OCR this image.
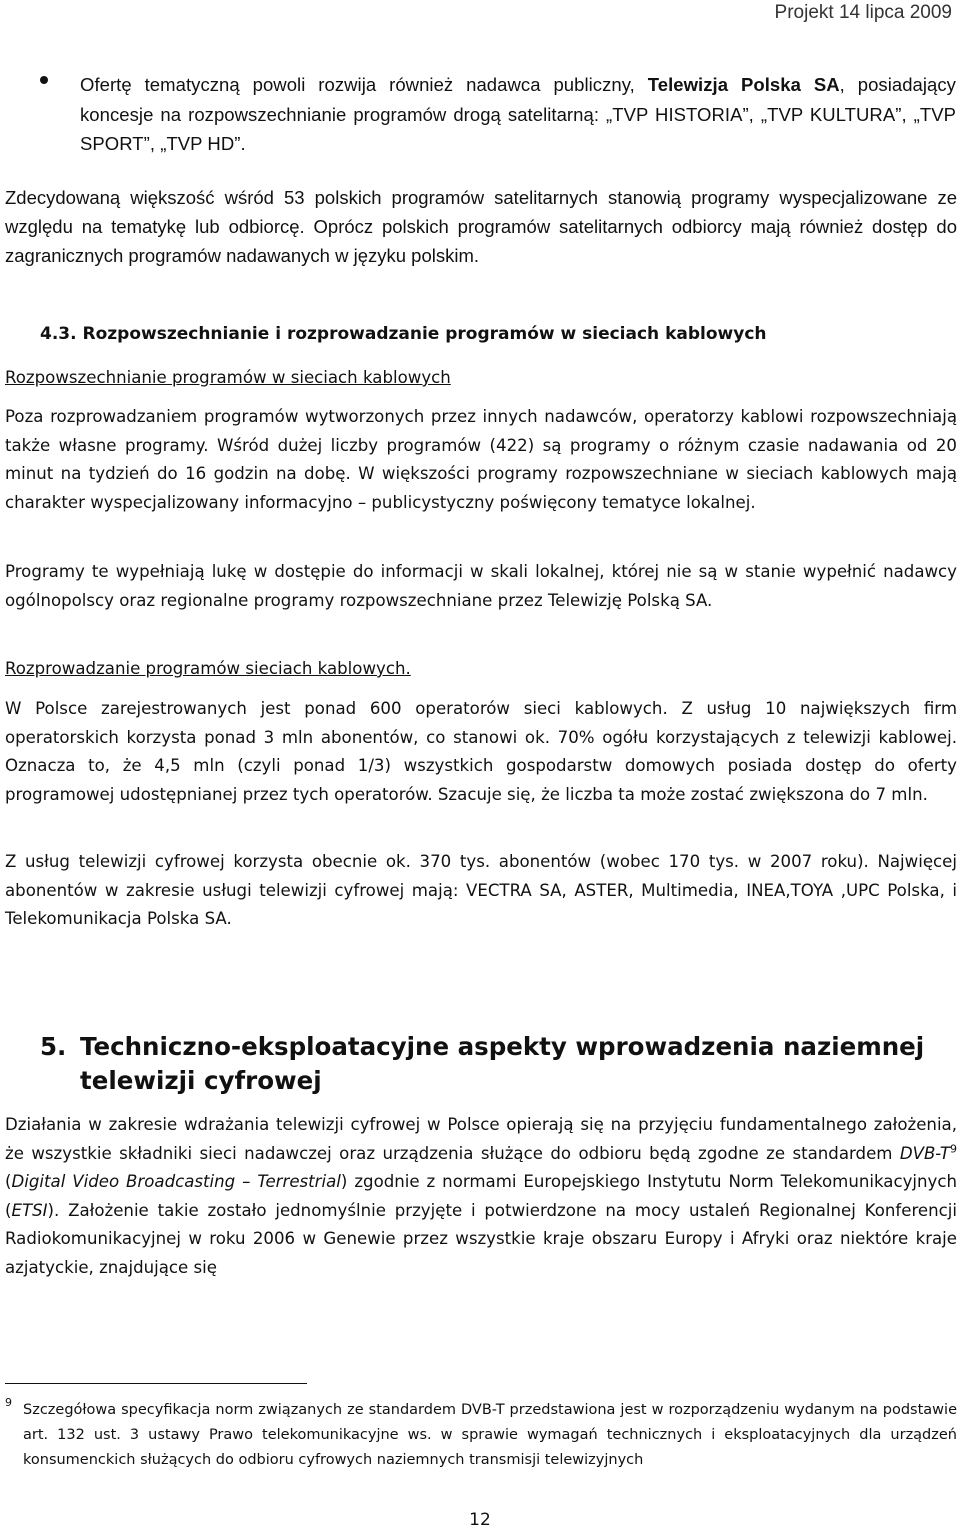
Projekt 14 lipca 2009
Ofertę tematyczną powoli rozwija również nadawca publiczny, Telewizja Polska SA, posiadający koncesje na rozpowszechnianie programów drogą satelitarną: „TVP HISTORIA”, „TVP KULTURA”, „TVP SPORT”, „TVP HD”.
Zdecydowaną większość wśród 53 polskich programów satelitarnych stanowią programy wyspecjalizowane ze względu na tematykę lub odbiorcę. Oprócz polskich programów satelitarnych odbiorcy mają również dostęp do zagranicznych programów nadawanych w języku polskim.
4.3. Rozpowszechnianie i rozprowadzanie programów w sieciach kablowych
Rozpowszechnianie programów w sieciach kablowych
Poza rozprowadzaniem programów wytworzonych przez innych nadawców, operatorzy kablowi rozpowszechniają także własne programy. Wśród dużej liczby programów (422) są programy o różnym czasie nadawania od 20 minut na tydzień do 16 godzin na dobę. W większości programy rozpowszechniane w sieciach kablowych mają charakter wyspecjalizowany informacyjno – publicystyczny poświęcony tematyce lokalnej.
Programy te wypełniają lukę w dostępie do informacji w skali lokalnej, której nie są w stanie wypełnić nadawcy ogólnopolscy oraz regionalne programy rozpowszechniane przez Telewizję Polską SA.
Rozprowadzanie programów sieciach kablowych.
W Polsce zarejestrowanych jest ponad 600 operatorów sieci kablowych. Z usług 10 największych firm operatorskich korzysta ponad 3 mln abonentów, co stanowi ok. 70% ogółu korzystających z telewizji kablowej. Oznacza to, że 4,5 mln (czyli ponad 1/3) wszystkich gospodarstw domowych posiada dostęp do oferty programowej udostępnianej przez tych operatorów. Szacuje się, że liczba ta może zostać zwiększona do 7 mln.
Z usług telewizji cyfrowej korzysta obecnie ok. 370 tys. abonentów (wobec 170 tys. w 2007 roku). Najwięcej abonentów w zakresie usługi telewizji cyfrowej mają: VECTRA SA, ASTER, Multimedia, INEA,TOYA ,UPC Polska, i Telekomunikacja Polska SA.
5. Techniczno-eksploatacyjne aspekty wprowadzenia naziemnej telewizji cyfrowej
Działania w zakresie wdrażania telewizji cyfrowej w Polsce opierają się na przyjęciu fundamentalnego założenia, że wszystkie składniki sieci nadawczej oraz urządzenia służące do odbioru będą zgodne ze standardem DVB-$T^9$ (Digital Video Broadcasting – Terrestrial) zgodnie z normami Europejskiego Instytutu Norm Telekomunikacyjnych (ETSI). Założenie takie zostało jednomyślnie przyjęte i potwierdzone na mocy ustaleń Regionalnej Konferencji Radiokomunikacyjnej w roku 2006 w Genewie przez wszystkie kraje obszaru Europy i Afryki oraz niektóre kraje azjatyckie, znajdujące się
9 Szczegółowa specyfikacja norm związanych ze standardem DVB-T przedstawiona jest w rozporządzeniu wydanym na podstawie art. 132 ust. 3 ustawy Prawo telekomunikacyjne ws. w sprawie wymagań technicznych i eksploatacyjnych dla urządzeń konsumenckich służących do odbioru cyfrowych naziemnych transmisji telewizyjnych
12
